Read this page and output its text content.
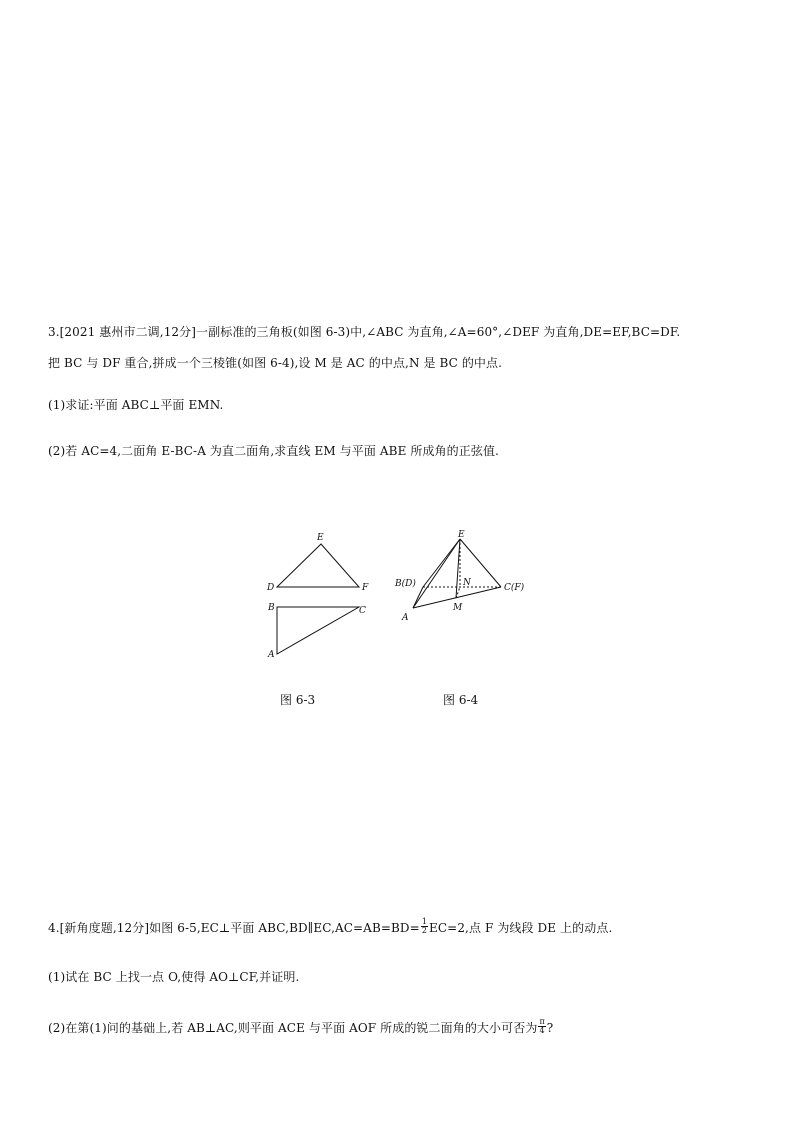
3.[2021 惠州市二调,12分]一副标准的三角板(如图 6-3)中,∠ABC 为直角,∠A=60°,∠DEF 为直角,DE=EF,BC=DF.
把 BC 与 DF 重合,拼成一个三棱锥(如图 6-4),设 M 是 AC 的中点,N 是 BC 的中点.
(1)求证:平面 ABC⊥平面 EMN.
(2)若 AC=4,二面角 E-BC-A 为直二面角,求直线 EM 与平面 ABE 所成角的正弦值.
E
D	F
B	C
A
E
B(D)	N	C(F)
M
A
图 6-3	图 6-4
4.[新角度题,12分]如图 6-5,EC⊥平面 ABC,BD∥EC,AC=AB=BD= $\frac{1}{2} EC=2$,点 F 为线段 DE 上的动点.
(1)试在 BC 上找一点 O,使得 AO⊥CF,并证明.
(2)在第(1)问的基础上,若 AB⊥AC,则平面 ACE 与平面 AOF 所成的锐二面角的大小可否为 $\frac{\pi}{4}$ ?
